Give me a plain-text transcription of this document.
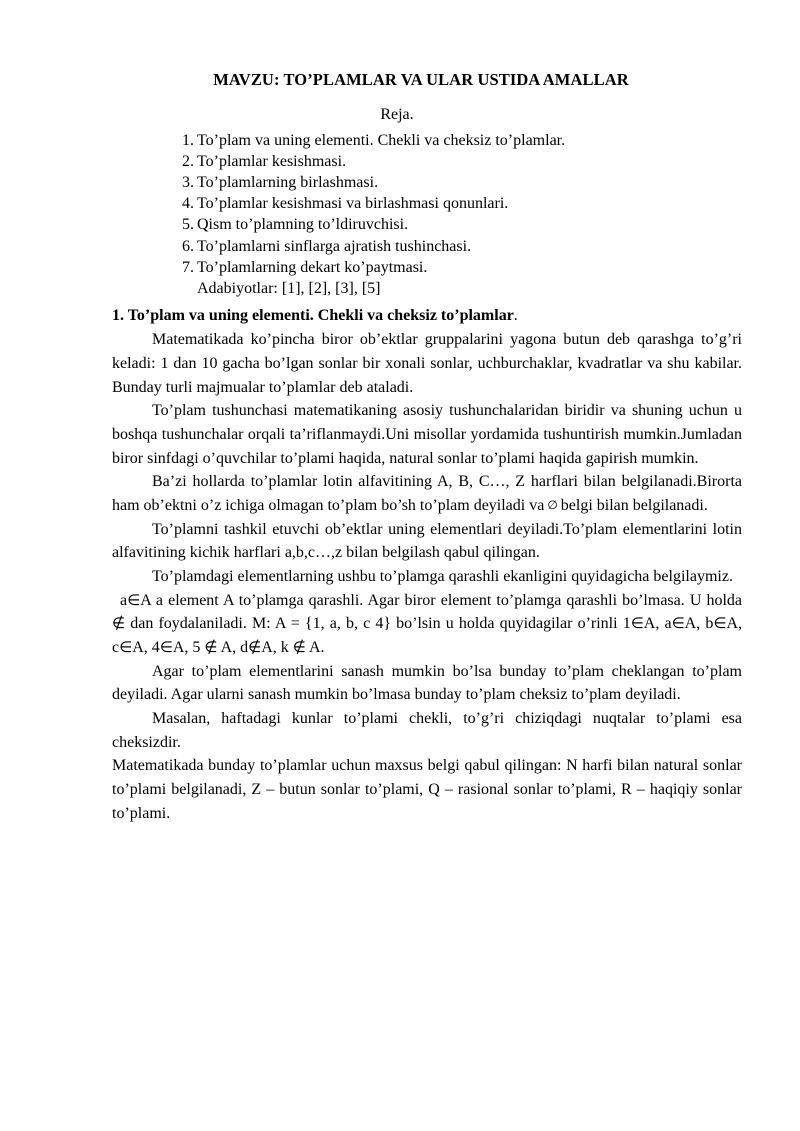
MAVZU: TO’PLAMLAR VA ULAR USTIDA AMALLAR
Reja.
1. To’plam va uning elementi. Chekli va cheksiz to’plamlar.
2. To’plamlar kesishmasi.
3. To’plamlarning birlashmasi.
4. To’plamlar kesishmasi va birlashmasi qonunlari.
5. Qism to’plamning to’ldiruvchisi.
6. To’plamlarni sinflarga ajratish tushinchasi.
7. To’plamlarning dekart ko’paytmasi.
Adabiyotlar: [1], [2], [3], [5]
1. To’plam va uning elementi. Chekli va cheksiz to’plamlar.

Matematikada ko’pincha biror ob’ektlar gruppalarini yagona butun deb qarashga to’g’ri keladi: 1 dan 10 gacha bo’lgan sonlar bir xonali sonlar, uchburchaklar, kvadratlar va shu kabilar. Bunday turli majmualar to’plamlar deb ataladi.

To’plam tushunchasi matematikaning asosiy tushunchalaridan biridir va shuning uchun u boshqa tushunchalar orqali ta’riflanmaydi.Uni misollar yordamida tushuntirish mumkin.Jumladan biror sinfdagi o’quvchilar to’plami haqida, natural sonlar to’plami haqida gapirish mumkin.

Ba’zi hollarda to’plamlar lotin alfavitining A, B, C…, Z harflari bilan belgilanadi.Birorta ham ob’ektni o’z ichiga olmagan to’plam bo’sh to’plam deyiladi va ∅ belgi bilan belgilanadi.

To’plamni tashkil etuvchi ob’ektlar uning elementlari deyiladi.To’plam elementlarini lotin alfavitining kichik harflari a,b,c…,z bilan belgilash qabul qilingan.

To’plamdagi elementlarning ushbu to’plamga qarashli ekanligini quyidagicha belgilaymiz.

a∈A a element A to’plamga qarashli. Agar biror element to’plamga qarashli bo’lmasa. U holda ∉ dan foydalaniladi. M: A = {1, a, b, c 4} bo’lsin u holda quyidagilar o’rinli 1∈A, a∈A, b∈A, c∈A, 4∈A, 5 ∉ A, d∉A, k ∉ A.

Agar to’plam elementlarini sanash mumkin bo’lsa bunday to’plam cheklangan to’plam deyiladi. Agar ularni sanash mumkin bo’lmasa bunday to’plam cheksiz to’plam deyiladi.

Masalan, haftadagi kunlar to’plami chekli, to’g’ri chiziqdagi nuqtalar to’plami esa cheksizdir.

Matematikada bunday to’plamlar uchun maxsus belgi qabul qilingan: N harfi bilan natural sonlar to’plami belgilanadi, Z – butun sonlar to’plami, Q – rasional sonlar to’plami, R – haqiqiy sonlar to’plami.
